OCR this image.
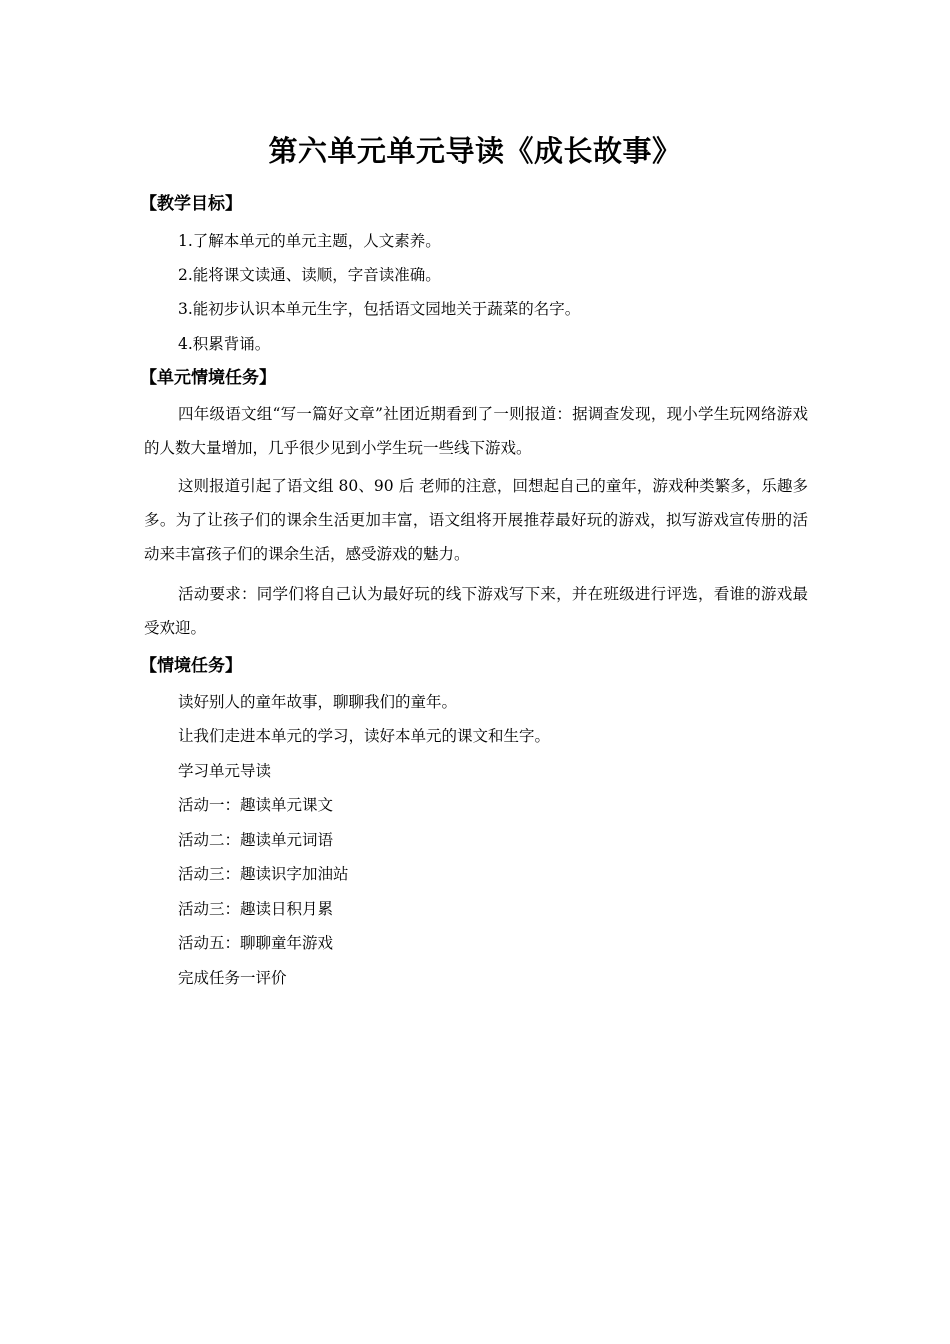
第六单元单元导读《成长故事》
【教学目标】
1.了解本单元的单元主题，人文素养。
2.能将课文读通、读顺，字音读准确。
3.能初步认识本单元生字，包括语文园地关于蔬菜的名字。
4.积累背诵。
【单元情境任务】
四年级语文组“写一篇好文章”社团近期看到了一则报道：据调查发现，现小学生玩网络游戏的人数大量增加，几乎很少见到小学生玩一些线下游戏。
这则报道引起了语文组 80、90 后 老师的注意，回想起自己的童年，游戏种类繁多，乐趣多多。为了让孩子们的课余生活更加丰富，语文组将开展推荐最好玩的游戏，拟写游戏宣传册的活动来丰富孩子们的课余生活，感受游戏的魅力。
活动要求：同学们将自己认为最好玩的线下游戏写下来，并在班级进行评选，看谁的游戏最受欢迎。
【情境任务】
读好别人的童年故事，聊聊我们的童年。
让我们走进本单元的学习，读好本单元的课文和生字。
学习单元导读
活动一：趣读单元课文
活动二：趣读单元词语
活动三：趣读识字加油站
活动三：趣读日积月累
活动五：聊聊童年游戏
完成任务一评价
